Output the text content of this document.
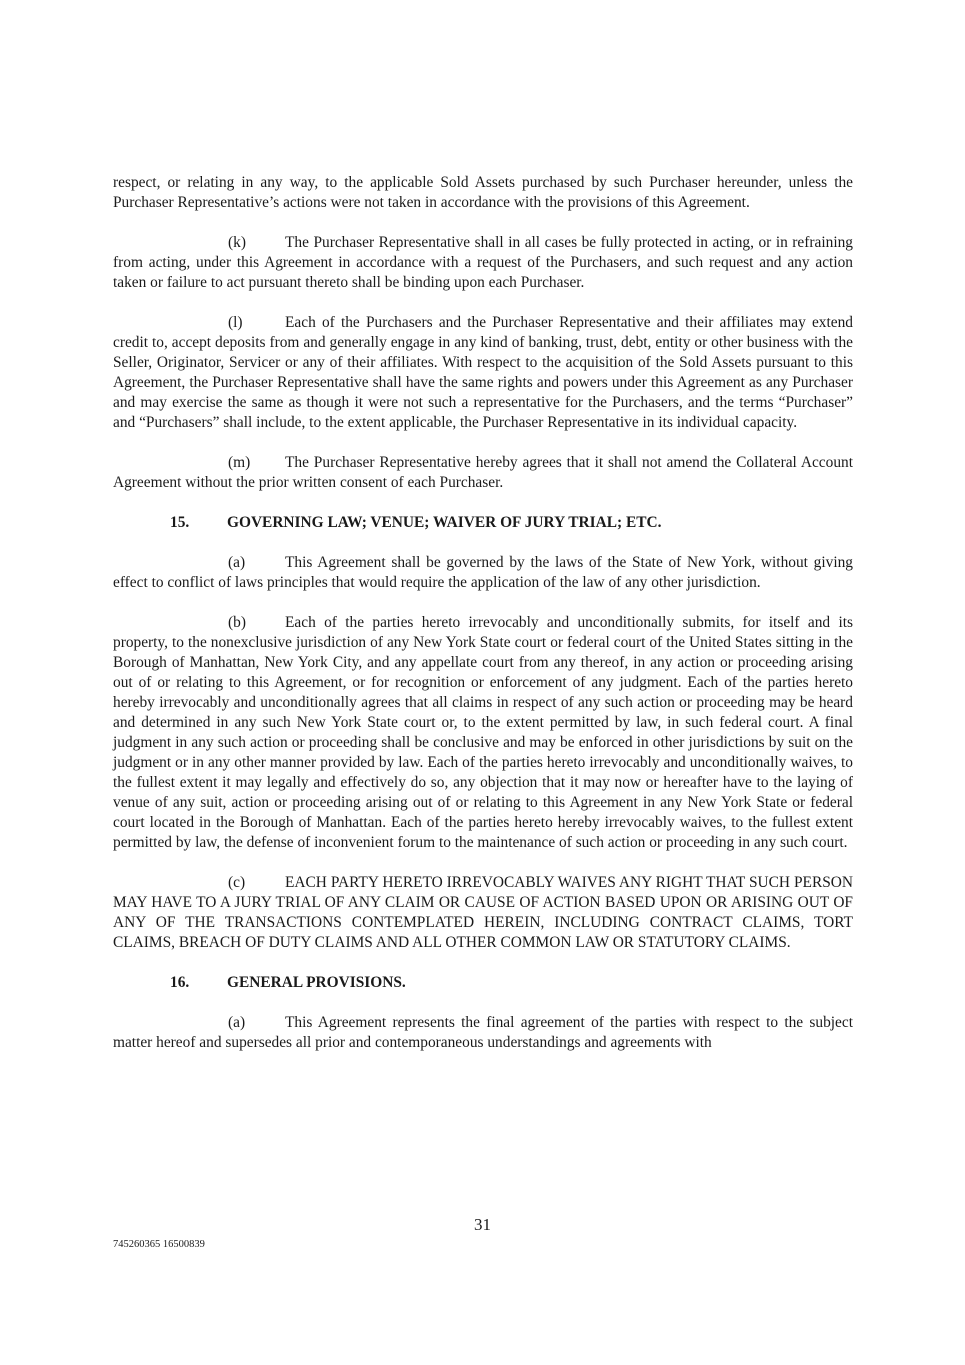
respect, or relating in any way, to the applicable Sold Assets purchased by such Purchaser hereunder, unless the Purchaser Representative’s actions were not taken in accordance with the provisions of this Agreement.

(k)	The Purchaser Representative shall in all cases be fully protected in acting, or in refraining from acting, under this Agreement in accordance with a request of the Purchasers, and such request and any action taken or failure to act pursuant thereto shall be binding upon each Purchaser.

(l)	Each of the Purchasers and the Purchaser Representative and their affiliates may extend credit to, accept deposits from and generally engage in any kind of banking, trust, debt, entity or other business with the Seller, Originator, Servicer or any of their affiliates. With respect to the acquisition of the Sold Assets pursuant to this Agreement, the Purchaser Representative shall have the same rights and powers under this Agreement as any Purchaser and may exercise the same as though it were not such a representative for the Purchasers, and the terms “Purchaser” and “Purchasers” shall include, to the extent applicable, the Purchaser Representative in its individual capacity.

(m) The Purchaser Representative hereby agrees that it shall not amend the Collateral Account Agreement without the prior written consent of each Purchaser.

15. GOVERNING LAW; VENUE; WAIVER OF JURY TRIAL; ETC.

(a)	This Agreement shall be governed by the laws of the State of New York, without giving effect to conflict of laws principles that would require the application of the law of any other jurisdiction.

(b)	Each of the parties hereto irrevocably and unconditionally submits, for itself and its property, to the nonexclusive jurisdiction of any New York State court or federal court of the United States sitting in the Borough of Manhattan, New York City, and any appellate court from any thereof, in any action or proceeding arising out of or relating to this Agreement, or for recognition or enforcement of any judgment. Each of the parties hereto hereby irrevocably and unconditionally agrees that all claims in respect of any such action or proceeding may be heard and determined in any such New York State court or, to the extent permitted by law, in such federal court. A final judgment in any such action or proceeding shall be conclusive and may be enforced in other jurisdictions by suit on the judgment or in any other manner provided by law. Each of the parties hereto irrevocably and unconditionally waives, to the fullest extent it may legally and effectively do so, any objection that it may now or hereafter have to the laying of venue of any suit, action or proceeding arising out of or relating to this Agreement in any New York State or federal court located in the Borough of Manhattan. Each of the parties hereto hereby irrevocably waives, to the fullest extent permitted by law, the defense of inconvenient forum to the maintenance of such action or proceeding in any such court.

(c)	EACH PARTY HERETO IRREVOCABLY WAIVES ANY RIGHT THAT SUCH PERSON MAY HAVE TO A JURY TRIAL OF ANY CLAIM OR CAUSE OF ACTION BASED UPON OR ARISING OUT OF ANY OF THE TRANSACTIONS CONTEMPLATED HEREIN, INCLUDING CONTRACT CLAIMS, TORT CLAIMS, BREACH OF DUTY CLAIMS AND ALL OTHER COMMON LAW OR STATUTORY CLAIMS.

16. GENERAL PROVISIONS.

(a)	This Agreement represents the final agreement of the parties with respect to the subject matter hereof and supersedes all prior and contemporaneous understandings and agreements with

31
745260365 16500839
